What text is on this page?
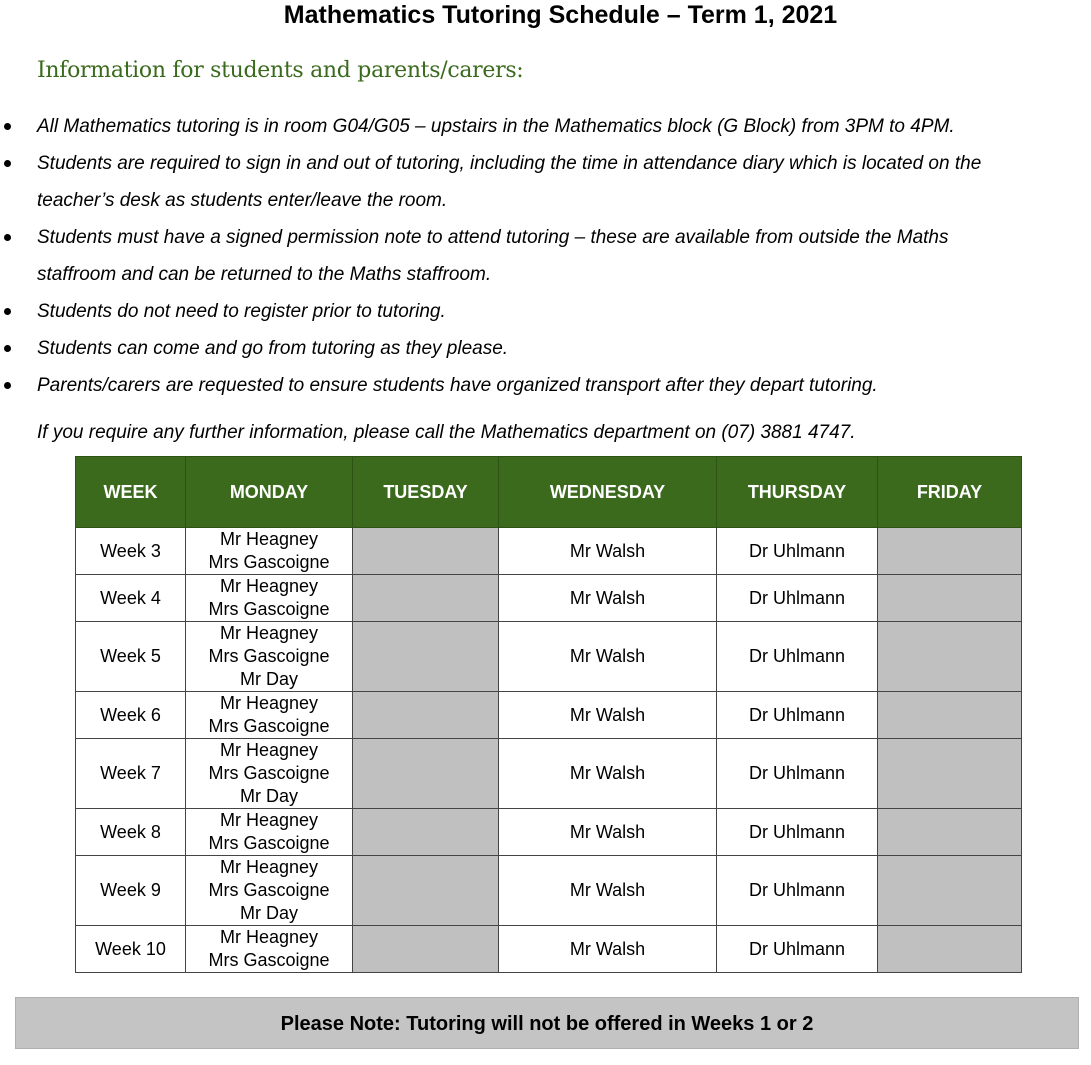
Mathematics Tutoring Schedule – Term 1, 2021
Information for students and parents/carers:
All Mathematics tutoring is in room G04/G05 – upstairs in the Mathematics block (G Block) from 3PM to 4PM.
Students are required to sign in and out of tutoring, including the time in attendance diary which is located on the
teacher’s desk as students enter/leave the room.
Students must have a signed permission note to attend tutoring – these are available from outside the Maths
staffroom and can be returned to the Maths staffroom.
Students do not need to register prior to tutoring.
Students can come and go from tutoring as they please.
Parents/carers are requested to ensure students have organized transport after they depart tutoring.
If you require any further information, please call the Mathematics department on (07) 3881 4747.
WEEK	MONDAY	TUESDAY	WEDNESDAY	THURSDAY	FRIDAY
Week 3	Mr Heagney
Mrs Gascoigne		Mr Walsh	Dr Uhlmann	
Week 4	Mr Heagney
Mrs Gascoigne		Mr Walsh	Dr Uhlmann	
Week 5	Mr Heagney
Mrs Gascoigne
Mr Day		Mr Walsh	Dr Uhlmann	
Week 6	Mr Heagney
Mrs Gascoigne		Mr Walsh	Dr Uhlmann	
Week 7	Mr Heagney
Mrs Gascoigne
Mr Day		Mr Walsh	Dr Uhlmann	
Week 8	Mr Heagney
Mrs Gascoigne		Mr Walsh	Dr Uhlmann	
Week 9	Mr Heagney
Mrs Gascoigne
Mr Day		Mr Walsh	Dr Uhlmann	
Week 10	Mr Heagney
Mrs Gascoigne		Mr Walsh	Dr Uhlmann	
Please Note: Tutoring will not be offered in Weeks 1 or 2
